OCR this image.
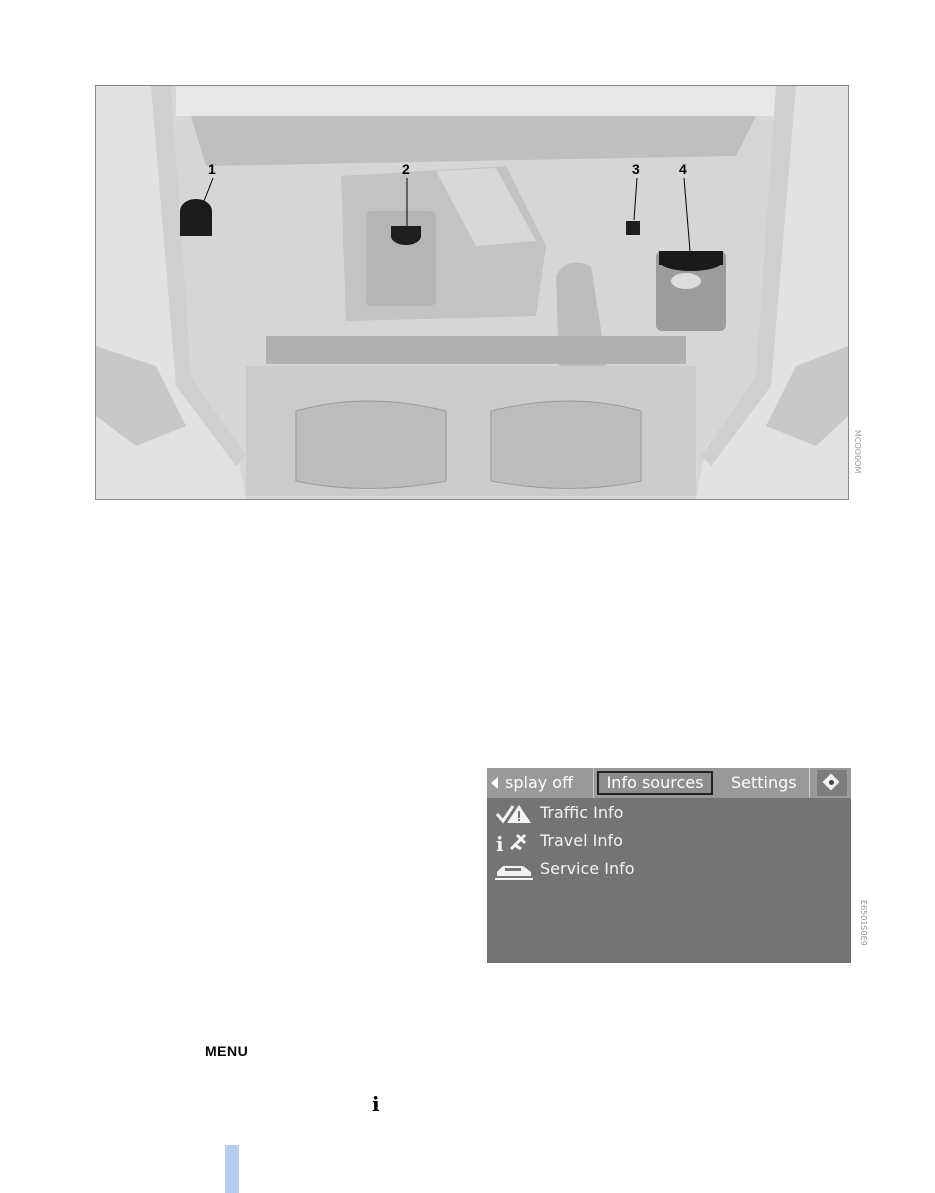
1	2	3	4
MCOO0OM
splay off	Info sources	Settings
Traffic Info
i Travel Info
Service Info
E6501S0E9
MENU
i
